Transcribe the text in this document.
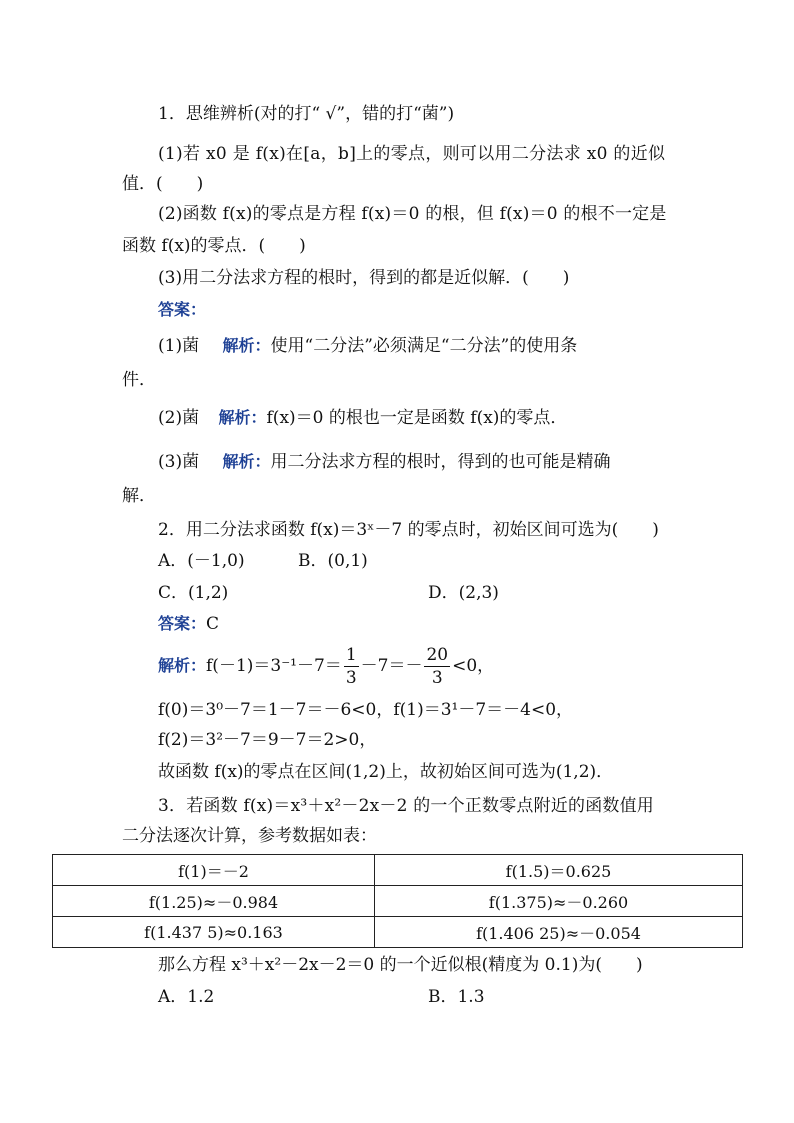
1．思维辨析(对的打“ √”，错的打“菌”)
(1)若 x0 是 f(x)在[a，b]上的零点，则可以用二分法求 x0 的近似
值．(　　)
(2)函数 f(x)的零点是方程 f(x)＝0 的根，但 f(x)＝0 的根不一定是
函数 f(x)的零点．(　　)
(3)用二分法求方程的根时，得到的都是近似解．(　　)
答案：
(1)菌 解析：使用“二分法”必须满足“二分法”的使用条
件．
(2)菌 解析：f(x)＝0 的根也一定是函数 f(x)的零点．
(3)菌 解析：用二分法求方程的根时，得到的也可能是精确
解．
2．用二分法求函数 f(x)＝3ˣ－7 的零点时，初始区间可选为(　　)
A．(－1,0)	B．(0,1)
C．(1,2)	D．(2,3)
答案：C
解析：$f(-1)=3^{-1}-7= \frac{1}{3} -7=- \frac{20}{3} <0$，
f(0)＝3⁰－7＝1－7＝－6<0，f(1)＝3¹－7＝－4<0，
f(2)＝3²－7＝9－7＝2>0，
故函数 f(x)的零点在区间(1,2)上，故初始区间可选为(1,2)．
3．若函数 f(x)＝x³＋x²－2x－2 的一个正数零点附近的函数值用
二分法逐次计算，参考数据如表：
f(1)＝－2	f(1.5)＝0.625
f(1.25)≈－0.984	f(1.375)≈－0.260
f(1.437 5)≈0.163	f(1.406 25)≈－0.054
那么方程 x³＋x²－2x－2＝0 的一个近似根(精度为 0.1)为(　　)
A．1.2	B．1.3
